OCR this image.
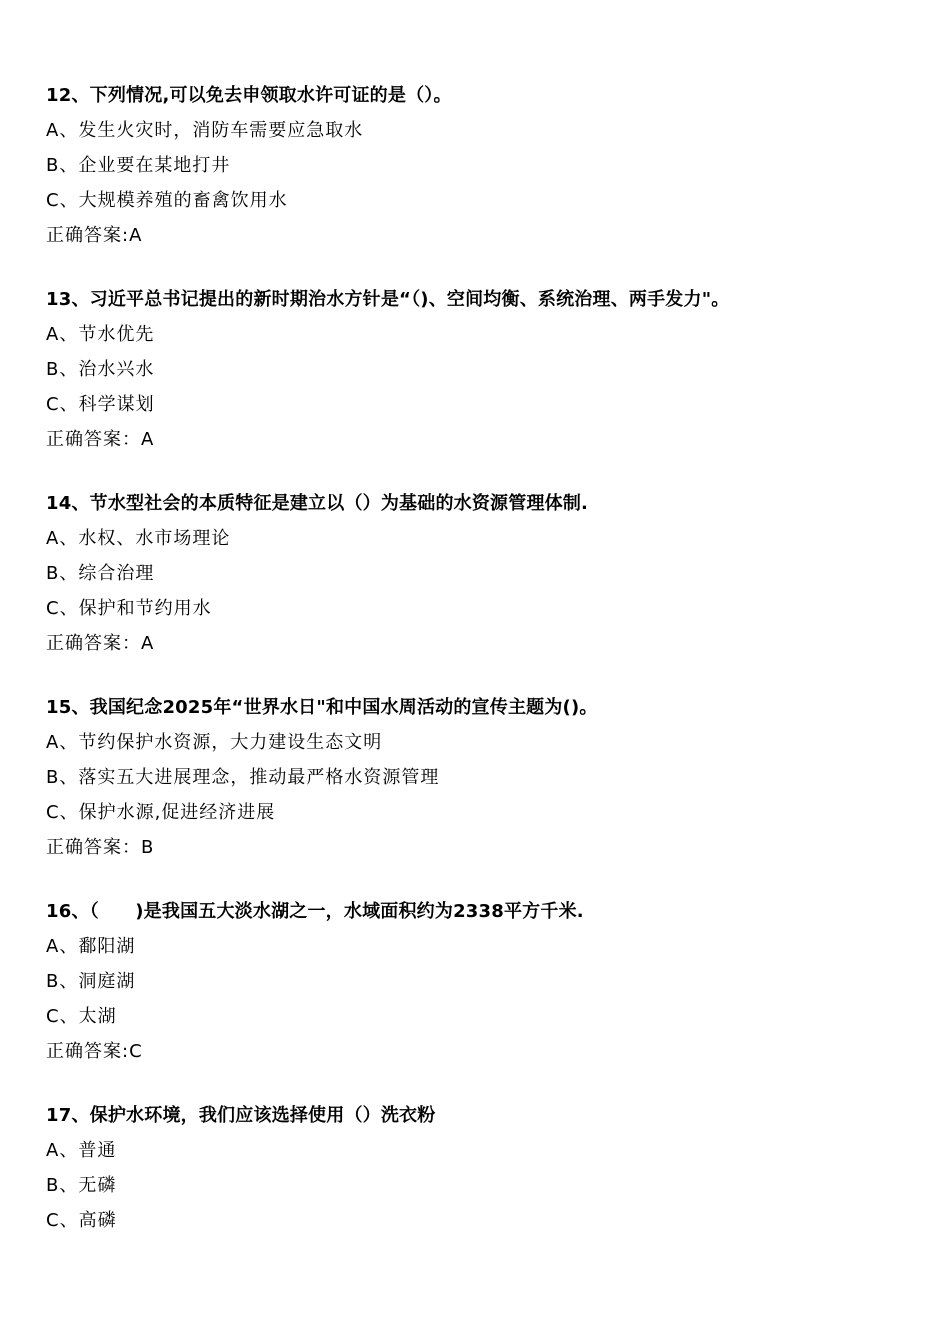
12、下列情况,可以免去申领取水许可证的是（）。
A、发生火灾时，消防车需要应急取水
B、企业要在某地打井
C、大规模养殖的畜禽饮用水
正确答案:A
13、习近平总书记提出的新时期治水方针是“（)、空间均衡、系统治理、两手发力"。
A、节水优先
B、治水兴水
C、科学谋划
正确答案：A
14、节水型社会的本质特征是建立以（）为基础的水资源管理体制.
A、水权、水市场理论
B、综合治理
C、保护和节约用水
正确答案：A
15、我国纪念2025年“世界水日"和中国水周活动的宣传主题为()。
A、节约保护水资源，大力建设生态文明
B、落实五大进展理念，推动最严格水资源管理
C、保护水源,促进经济进展
正确答案：B
16、（　　)是我国五大淡水湖之一，水域面积约为2338平方千米.
A、鄱阳湖
B、洞庭湖
C、太湖
正确答案:C
17、保护水环境，我们应该选择使用（）洗衣粉
A、普通
B、无磷
C、高磷
